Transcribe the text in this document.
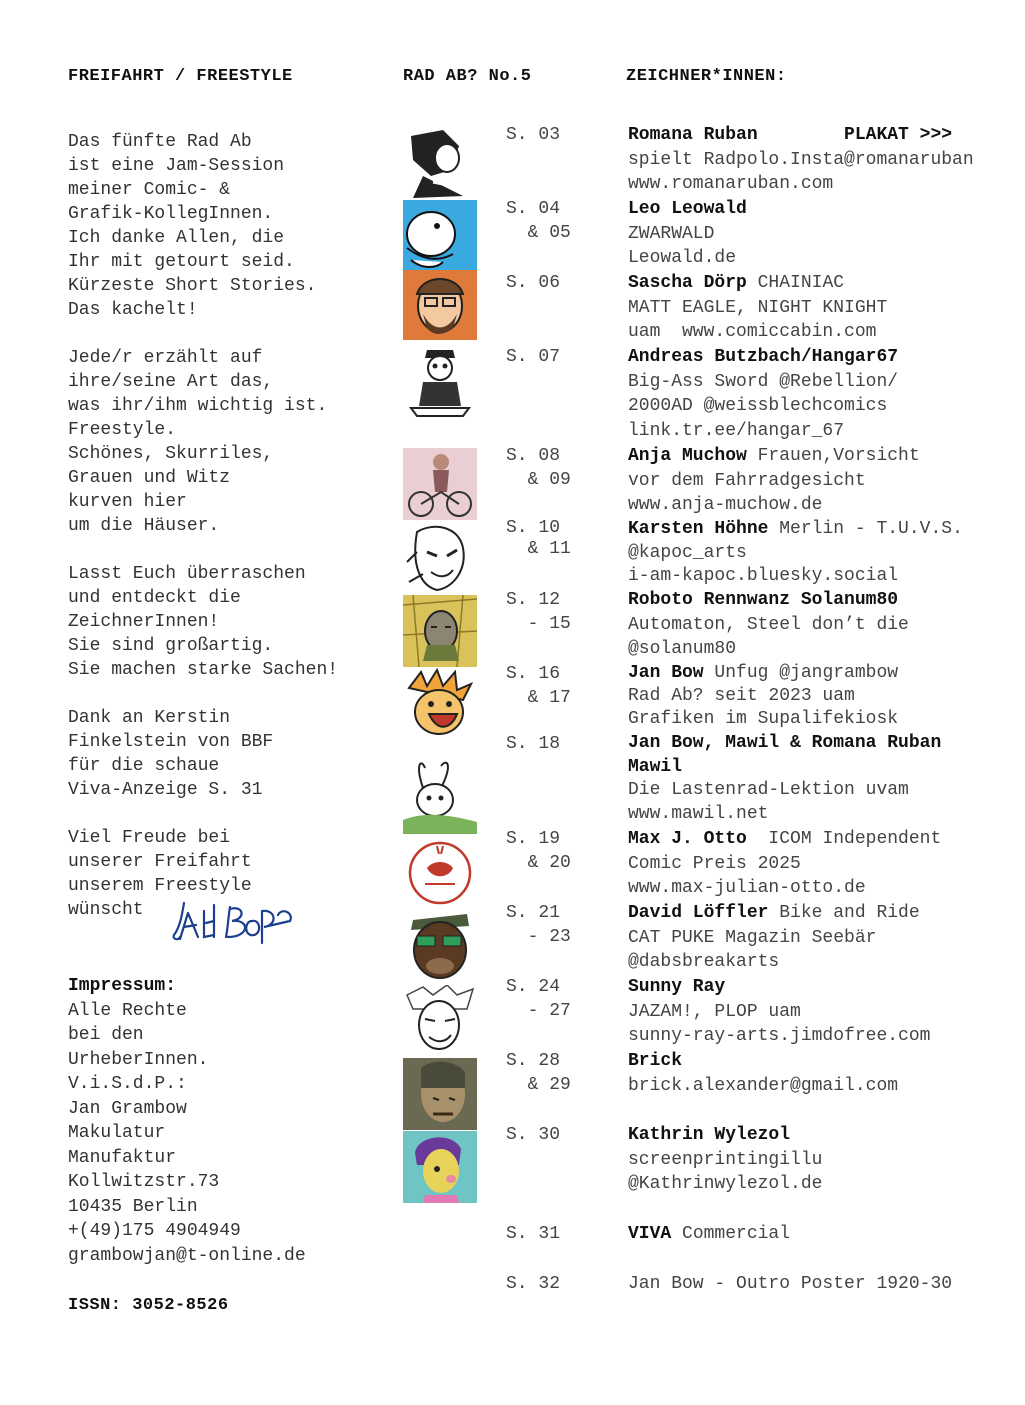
FREIFAHRT / FREESTYLE	RAD AB? No.5	ZEICHNER*INNEN:
Das fünfte Rad Ab
ist eine Jam-Session
meiner Comic- &
Grafik-KollegInnen.
Ich danke Allen, die
Ihr mit getourt seid.
Kürzeste Short Stories.
Das kachelt!
Jede/r erzählt auf
ihre/seine Art das,
was ihr/ihm wichtig ist.
Freestyle.
Schönes, Skurriles,
Grauen und Witz
kurven hier
um die Häuser.
Lasst Euch überraschen
und entdeckt die
ZeichnerInnen!
Sie sind großartig.
Sie machen starke Sachen!
Dank an Kerstin
Finkelstein von BBF
für die schaue
Viva-Anzeige S. 31
Viel Freude bei
unserer Freifahrt
unserem Freestyle
wünscht
Impressum:
Alle Rechte
bei den
UrheberInnen.
V.i.S.d.P.:
Jan Grambow
Makulatur
Manufaktur
Kollwitzstr.73
10435 Berlin
+(49)175 4904949
grambowjan@t-online.de
ISSN: 3052-8526
S. 03
S. 04
& 05
S. 06
S. 07
S. 08
& 09
S. 10
& 11
S. 12
- 15
S. 16
& 17
S. 18
S. 19
& 20
S. 21
- 23
S. 24
- 27
S. 28
& 29
S. 30
S. 31
S. 32
Romana Ruban        PLAKAT >>>
spielt Radpolo.Insta@romanaruban
www.romanaruban.com
Leo Leowald
ZWARWALD
Leowald.de
Sascha Dörp CHAINIAC
MATT EAGLE, NIGHT KNIGHT
uam  www.comiccabin.com
Andreas Butzbach/Hangar67
Big-Ass Sword @Rebellion/
2000AD @weissblechcomics
link.tr.ee/hangar_67
Anja Muchow Frauen,Vorsicht
vor dem Fahrradgesicht
www.anja-muchow.de
Karsten Höhne Merlin - T.U.V.S.
@kapoc_arts
i-am-kapoc.bluesky.social
Roboto Rennwanz Solanum80
Automaton, Steel don’t die
@solanum80
Jan Bow Unfug @jangrambow
Rad Ab? seit 2023 uam
Grafiken im Supalifekiosk
Jan Bow, Mawil & Romana Ruban
Mawil
Die Lastenrad-Lektion uvam
www.mawil.net
Max J. Otto  ICOM Independent
Comic Preis 2025
www.max-julian-otto.de
David Löffler Bike and Ride
CAT PUKE Magazin Seebär
@dabsbreakarts
Sunny Ray
JAZAM!, PLOP uam
sunny-ray-arts.jimdofree.com
Brick
brick.alexander@gmail.com
Kathrin Wylezol
screenprintingillu
@Kathrinwylezol.de
VIVA Commercial
Jan Bow - Outro Poster 1920-30
